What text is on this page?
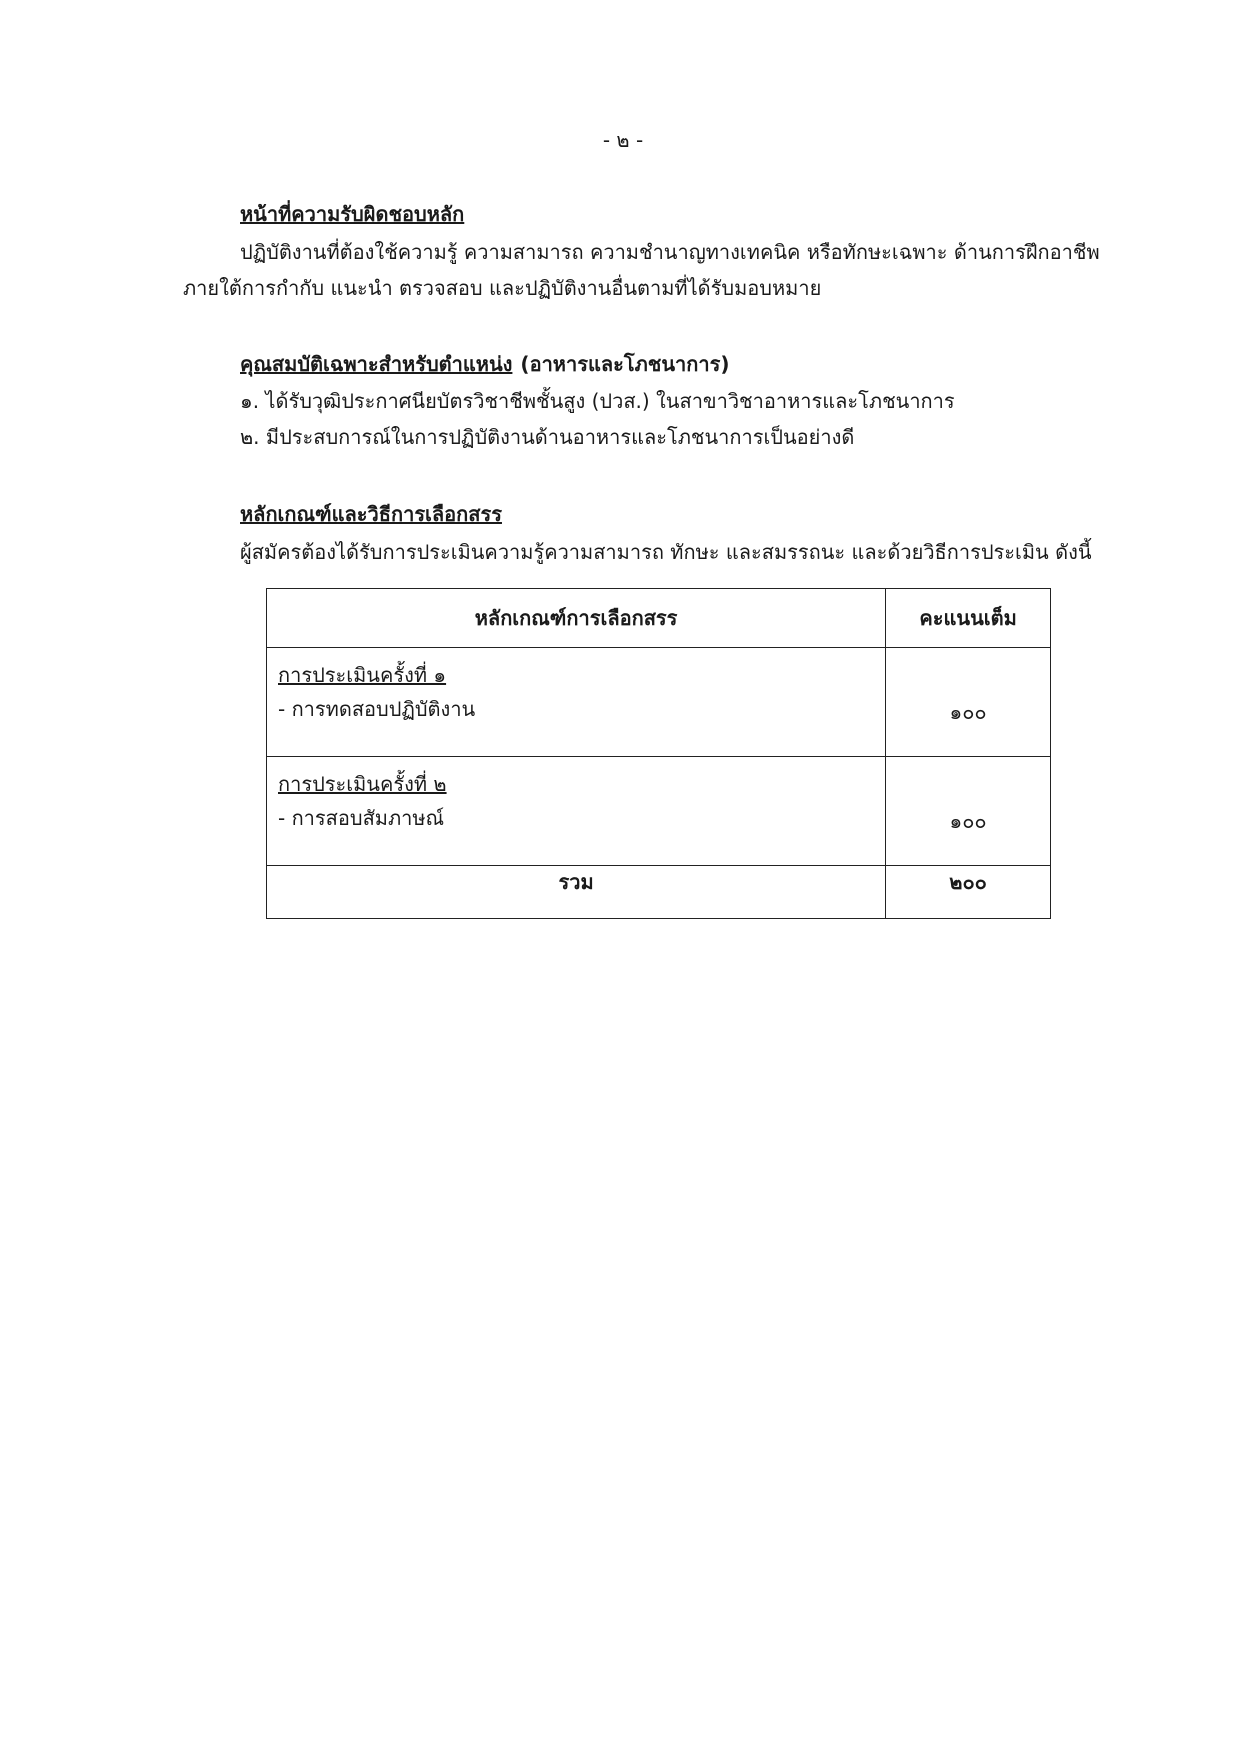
- ๒ -
หน้าที่ความรับผิดชอบหลัก
ปฏิบัติงานที่ต้องใช้ความรู้ ความสามารถ ความชำนาญทางเทคนิค หรือทักษะเฉพาะ ด้านการฝึกอาชีพ
ภายใต้การกำกับ แนะนำ ตรวจสอบ และปฏิบัติงานอื่นตามที่ได้รับมอบหมาย
คุณสมบัติเฉพาะสำหรับตำแหน่ง (อาหารและโภชนาการ)
๑. ได้รับวุฒิประกาศนียบัตรวิชาชีพชั้นสูง (ปวส.) ในสาขาวิชาอาหารและโภชนาการ
๒. มีประสบการณ์ในการปฏิบัติงานด้านอาหารและโภชนาการเป็นอย่างดี
หลักเกณฑ์และวิธีการเลือกสรร
ผู้สมัครต้องได้รับการประเมินความรู้ความสามารถ ทักษะ และสมรรถนะ และด้วยวิธีการประเมิน ดังนี้
หลักเกณฑ์การเลือกสรร	คะแนนเต็ม

การประเมินครั้งที่ ๑
- การทดสอบปฏิบัติงาน	๑๐๐

การประเมินครั้งที่ ๒
- การสอบสัมภาษณ์	๑๐๐

รวม	๒๐๐
